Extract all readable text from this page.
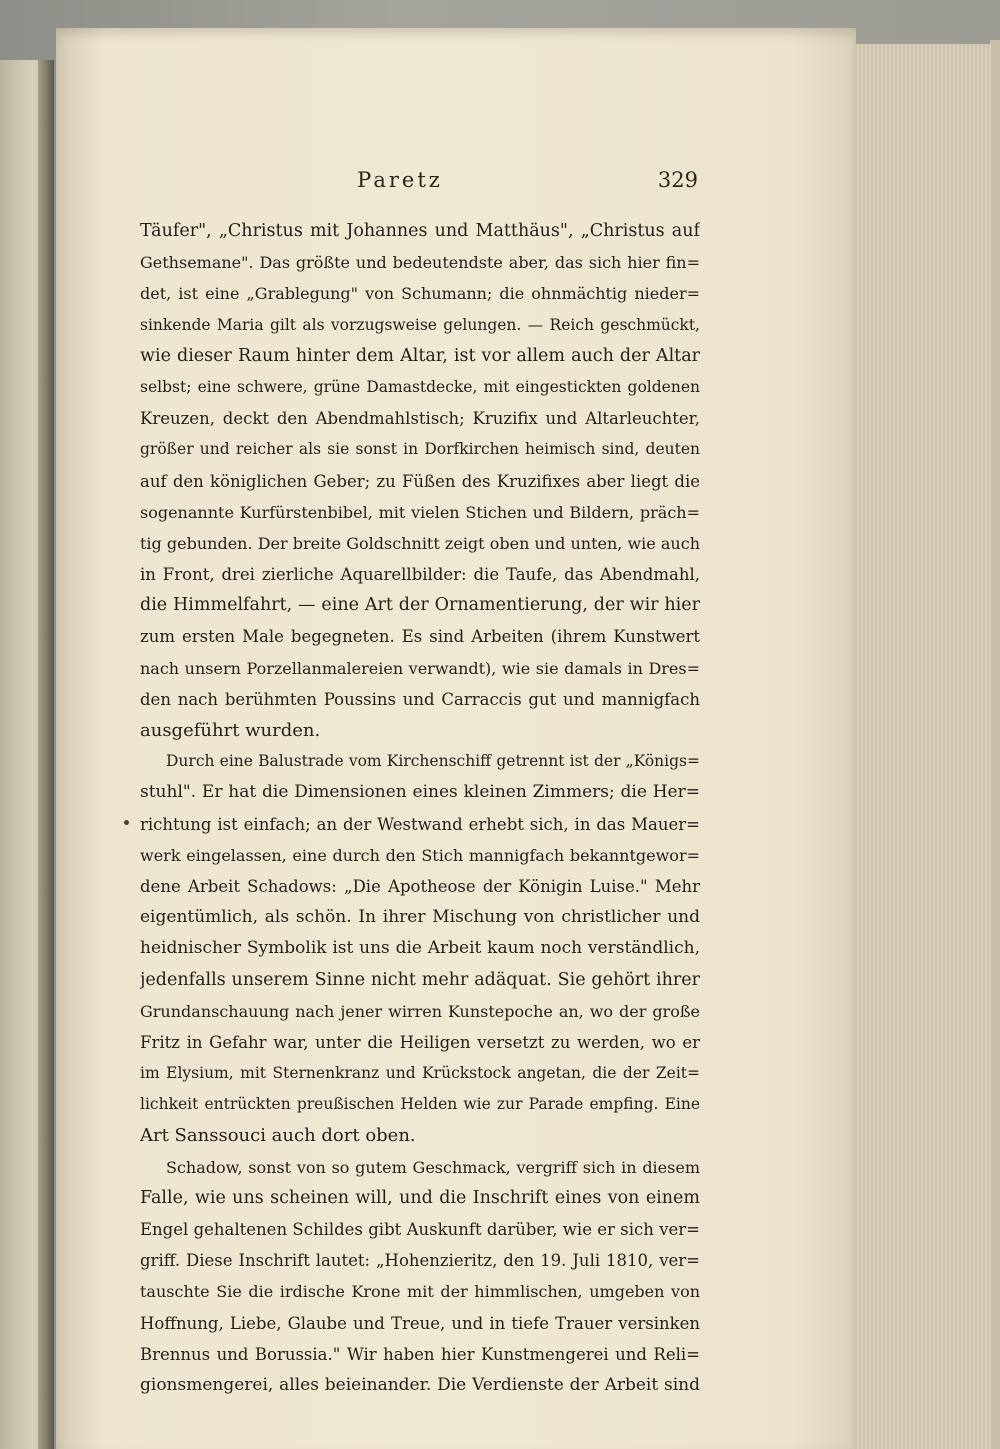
Paretz	329
Täufer", „Christus mit Johannes und Matthäus", „Christus auf
Gethsemane". Das größte und bedeutendste aber, das sich hier fin=
det, ist eine „Grablegung" von Schumann; die ohnmächtig nieder=
sinkende Maria gilt als vorzugsweise gelungen. — Reich geschmückt,
wie dieser Raum hinter dem Altar, ist vor allem auch der Altar
selbst; eine schwere, grüne Damastdecke, mit eingestickten goldenen
Kreuzen, deckt den Abendmahlstisch; Kruzifix und Altarleuchter,
größer und reicher als sie sonst in Dorfkirchen heimisch sind, deuten
auf den königlichen Geber; zu Füßen des Kruzifixes aber liegt die
sogenannte Kurfürstenbibel, mit vielen Stichen und Bildern, präch=
tig gebunden. Der breite Goldschnitt zeigt oben und unten, wie auch
in Front, drei zierliche Aquarellbilder: die Taufe, das Abendmahl,
die Himmelfahrt, — eine Art der Ornamentierung, der wir hier
zum ersten Male begegneten. Es sind Arbeiten (ihrem Kunstwert
nach unsern Porzellanmalereien verwandt), wie sie damals in Dres=
den nach berühmten Poussins und Carraccis gut und mannigfach
ausgeführt wurden.
Durch eine Balustrade vom Kirchenschiff getrennt ist der „Königs=
stuhl". Er hat die Dimensionen eines kleinen Zimmers; die Her=
richtung ist einfach; an der Westwand erhebt sich, in das Mauer=
werk eingelassen, eine durch den Stich mannigfach bekanntgewor=
dene Arbeit Schadows: „Die Apotheose der Königin Luise." Mehr
eigentümlich, als schön. In ihrer Mischung von christlicher und
heidnischer Symbolik ist uns die Arbeit kaum noch verständlich,
jedenfalls unserem Sinne nicht mehr adäquat. Sie gehört ihrer
Grundanschauung nach jener wirren Kunstepoche an, wo der große
Fritz in Gefahr war, unter die Heiligen versetzt zu werden, wo er
im Elysium, mit Sternenkranz und Krückstock angetan, die der Zeit=
lichkeit entrückten preußischen Helden wie zur Parade empfing. Eine
Art Sanssouci auch dort oben.
Schadow, sonst von so gutem Geschmack, vergriff sich in diesem
Falle, wie uns scheinen will, und die Inschrift eines von einem
Engel gehaltenen Schildes gibt Auskunft darüber, wie er sich ver=
griff. Diese Inschrift lautet: „Hohenzieritz, den 19. Juli 1810, ver=
tauschte Sie die irdische Krone mit der himmlischen, umgeben von
Hoffnung, Liebe, Glaube und Treue, und in tiefe Trauer versinken
Brennus und Borussia." Wir haben hier Kunstmengerei und Reli=
gionsmengerei, alles beieinander. Die Verdienste der Arbeit sind
